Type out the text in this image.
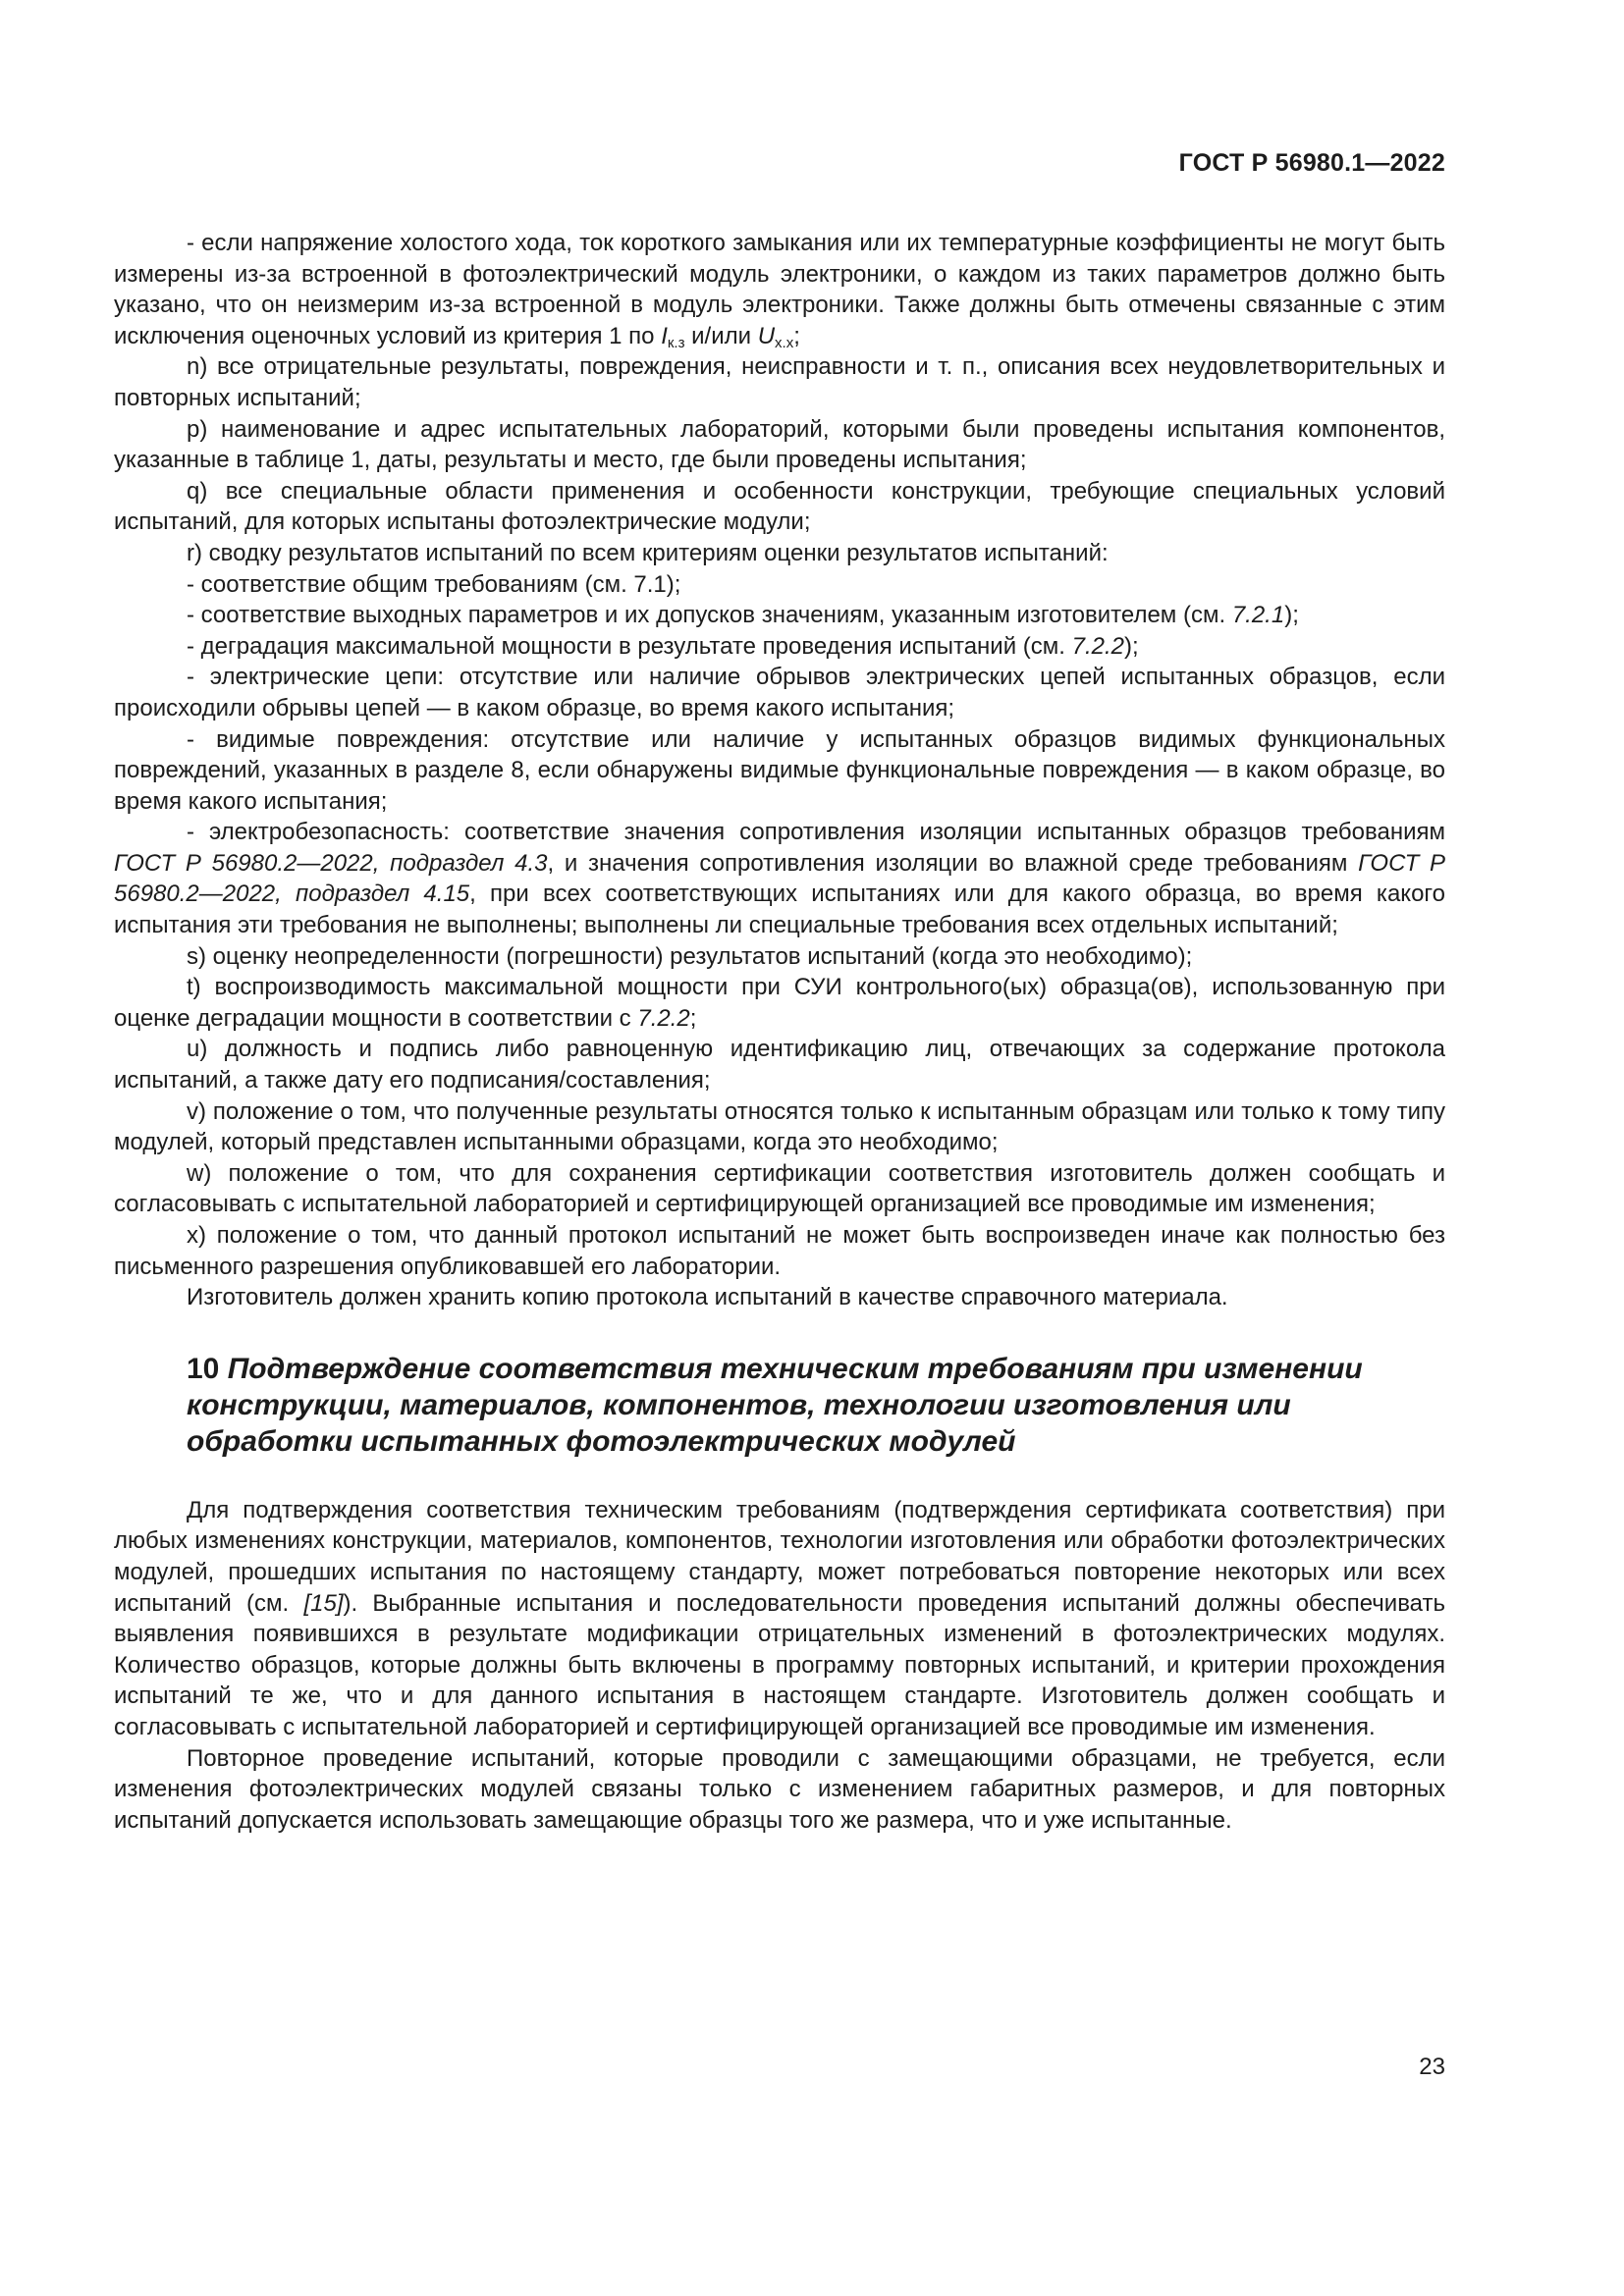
ГОСТ Р 56980.1—2022

- если напряжение холостого хода, ток короткого замыкания или их температурные коэффициенты не могут быть измерены из-за встроенной в фотоэлектрический модуль электроники, о каждом из таких параметров должно быть указано, что он неизмерим из-за встроенной в модуль электроники. Также должны быть отмечены связанные с этим исключения оценочных условий из критерия 1 по $I_{к.з}$ и/или $U_{х.х}$;

n) все отрицательные результаты, повреждения, неисправности и т. п., описания всех неудовлетворительных и повторных испытаний;

p) наименование и адрес испытательных лабораторий, которыми были проведены испытания компонентов, указанные в таблице 1, даты, результаты и место, где были проведены испытания;

q) все специальные области применения и особенности конструкции, требующие специальных условий испытаний, для которых испытаны фотоэлектрические модули;

r) сводку результатов испытаний по всем критериям оценки результатов испытаний:

- соответствие общим требованиям (см. 7.1);

- соответствие выходных параметров и их допусков значениям, указанным изготовителем (см. 7.2.1);

- деградация максимальной мощности в результате проведения испытаний (см. 7.2.2);

- электрические цепи: отсутствие или наличие обрывов электрических цепей испытанных образцов, если происходили обрывы цепей — в каком образце, во время какого испытания;

- видимые повреждения: отсутствие или наличие у испытанных образцов видимых функциональных повреждений, указанных в разделе 8, если обнаружены видимые функциональные повреждения — в каком образце, во время какого испытания;

- электробезопасность: соответствие значения сопротивления изоляции испытанных образцов требованиям ГОСТ Р 56980.2—2022, подраздел 4.3, и значения сопротивления изоляции во влажной среде требованиям ГОСТ Р 56980.2—2022, подраздел 4.15, при всех соответствующих испытаниях или для какого образца, во время какого испытания эти требования не выполнены; выполнены ли специальные требования всех отдельных испытаний;

s) оценку неопределенности (погрешности) результатов испытаний (когда это необходимо);

t) воспроизводимость максимальной мощности при СУИ контрольного(ых) образца(ов), использованную при оценке деградации мощности в соответствии с 7.2.2;

u) должность и подпись либо равноценную идентификацию лиц, отвечающих за содержание протокола испытаний, а также дату его подписания/составления;

v) положение о том, что полученные результаты относятся только к испытанным образцам или только к тому типу модулей, который представлен испытанными образцами, когда это необходимо;

w) положение о том, что для сохранения сертификации соответствия изготовитель должен сообщать и согласовывать с испытательной лабораторией и сертифицирующей организацией все проводимые им изменения;

x) положение о том, что данный протокол испытаний не может быть воспроизведен иначе как полностью без письменного разрешения опубликовавшей его лаборатории.

Изготовитель должен хранить копию протокола испытаний в качестве справочного материала.

10 Подтверждение соответствия техническим требованиям при изменении конструкции, материалов, компонентов, технологии изготовления или обработки испытанных фотоэлектрических модулей

Для подтверждения соответствия техническим требованиям (подтверждения сертификата соответствия) при любых изменениях конструкции, материалов, компонентов, технологии изготовления или обработки фотоэлектрических модулей, прошедших испытания по настоящему стандарту, может потребоваться повторение некоторых или всех испытаний (см. [15]). Выбранные испытания и последовательности проведения испытаний должны обеспечивать выявления появившихся в результате модификации отрицательных изменений в фотоэлектрических модулях. Количество образцов, которые должны быть включены в программу повторных испытаний, и критерии прохождения испытаний те же, что и для данного испытания в настоящем стандарте. Изготовитель должен сообщать и согласовывать с испытательной лабораторией и сертифицирующей организацией все проводимые им изменения.

Повторное проведение испытаний, которые проводили с замещающими образцами, не требуется, если изменения фотоэлектрических модулей связаны только с изменением габаритных размеров, и для повторных испытаний допускается использовать замещающие образцы того же размера, что и уже испытанные.

23
